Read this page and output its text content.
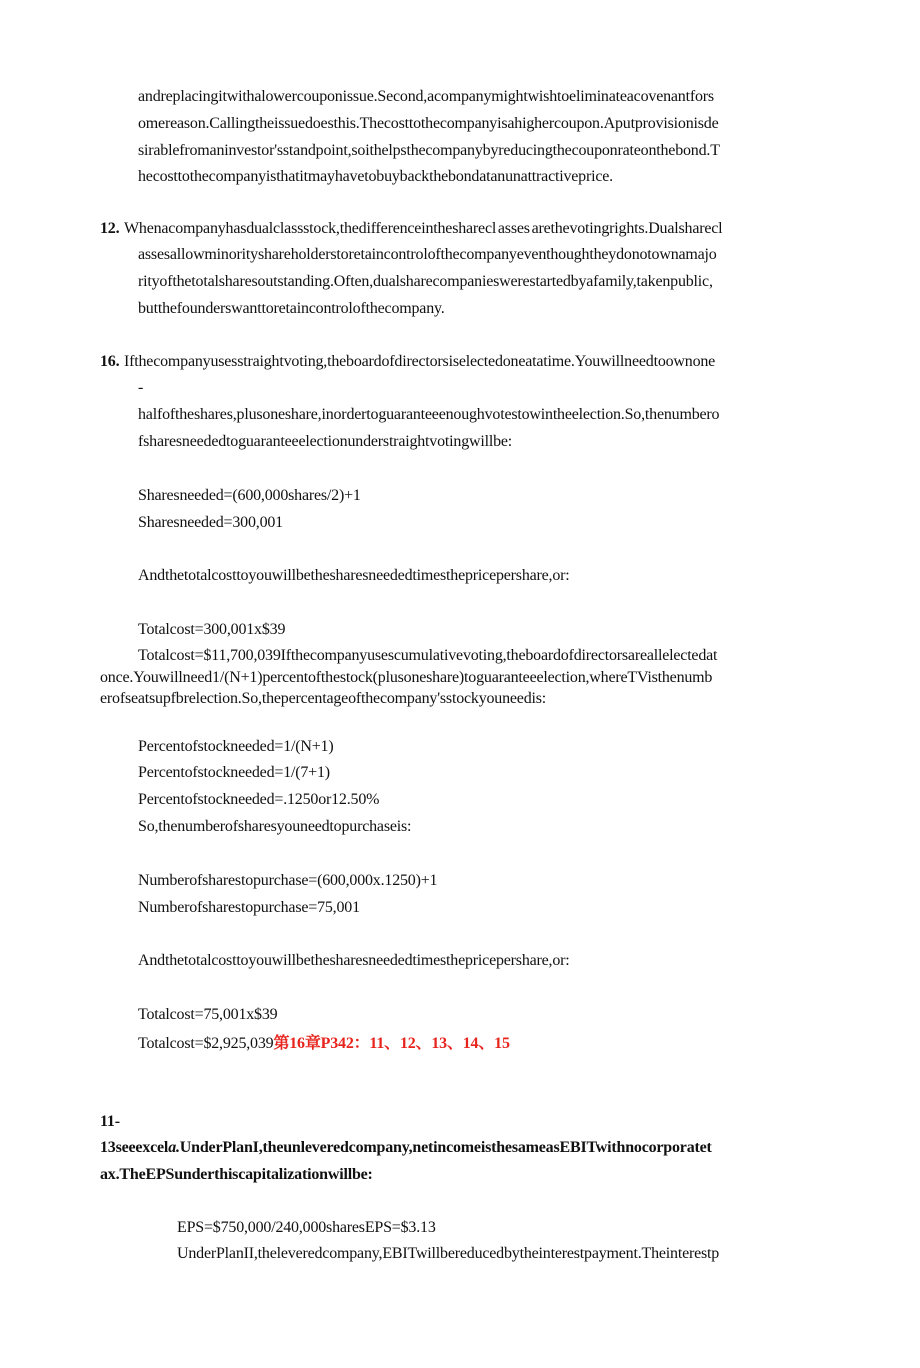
andreplacingitwithalowercouponissue.Second,acompanymightwishtoeliminateacovenantfors
omereason.Callingtheissuedoesthis.Thecosttothecompanyisahighercoupon.Aputprovisionisde
sirablefromaninvestor'sstandpoint,soithelpsthecompanybyreducingthecouponrateonthebond.T
hecosttothecompanyisthatitmayhavetobuybackthebondatanunattractiveprice.
12. Whenacompanyhasdualclassstock,thedifferenceinthesharecl asses arethevotingrights.Dualsharecl
assesallowminorityshareholderstoretaincontrolofthecompanyeventhoughtheydonotownamajo
rityofthetotalsharesoutstanding.Often,dualsharecompanieswerestartedbyafamily,takenpublic,
butthefounderswanttoretaincontrolofthecompany.
16. Ifthecompanyusesstraightvoting,theboardofdirectorsiselectedoneatatime.Youwillneedtoownone
-
halfoftheshares,plusoneshare,inordertoguaranteeenoughvotestowintheelection.So,thenumbero
fsharesneededtoguaranteeelectionunderstraightvotingwillbe:
Sharesneeded=(600,000shares/2)+1
Sharesneeded=300,001
Andthetotalcosttoyouwillbethesharesneededtimesthepricepershare,or:
Totalcost=300,001x$39
Totalcost=$11,700,039Ifthecompanyusescumulativevoting,theboardofdirectorsareallelectedat
once.Youwillneed1/(N+1)percentofthestock(plusoneshare)toguaranteeelection,whereTVisthenumb
erofseatsupfbrelection.So,thepercentageofthecompany'sstockyouneedis:
Percentofstockneeded=1/(N+1)
Percentofstockneeded=1/(7+1)
Percentofstockneeded=.1250or12.50%
So,thenumberofsharesyouneedtopurchaseis:
Numberofsharestopurchase=(600,000x.1250)+1
Numberofsharestopurchase=75,001
Andthetotalcosttoyouwillbethesharesneededtimesthepricepershare,or:
Totalcost=75,001x$39
Totalcost=$2,925,039第16章P342：11、12、13、14、15
11-
13seeexcela.UnderPlanI,theunleveredcompany,netincomeisthesameasEBITwithnocorporatet
ax.TheEPSunderthiscapitalizationwillbe:
EPS=$750,000/240,000sharesEPS=$3.13
UnderPlanII,theleveredcompany,EBITwillbereducedbytheinterestpayment.Theinterestp
